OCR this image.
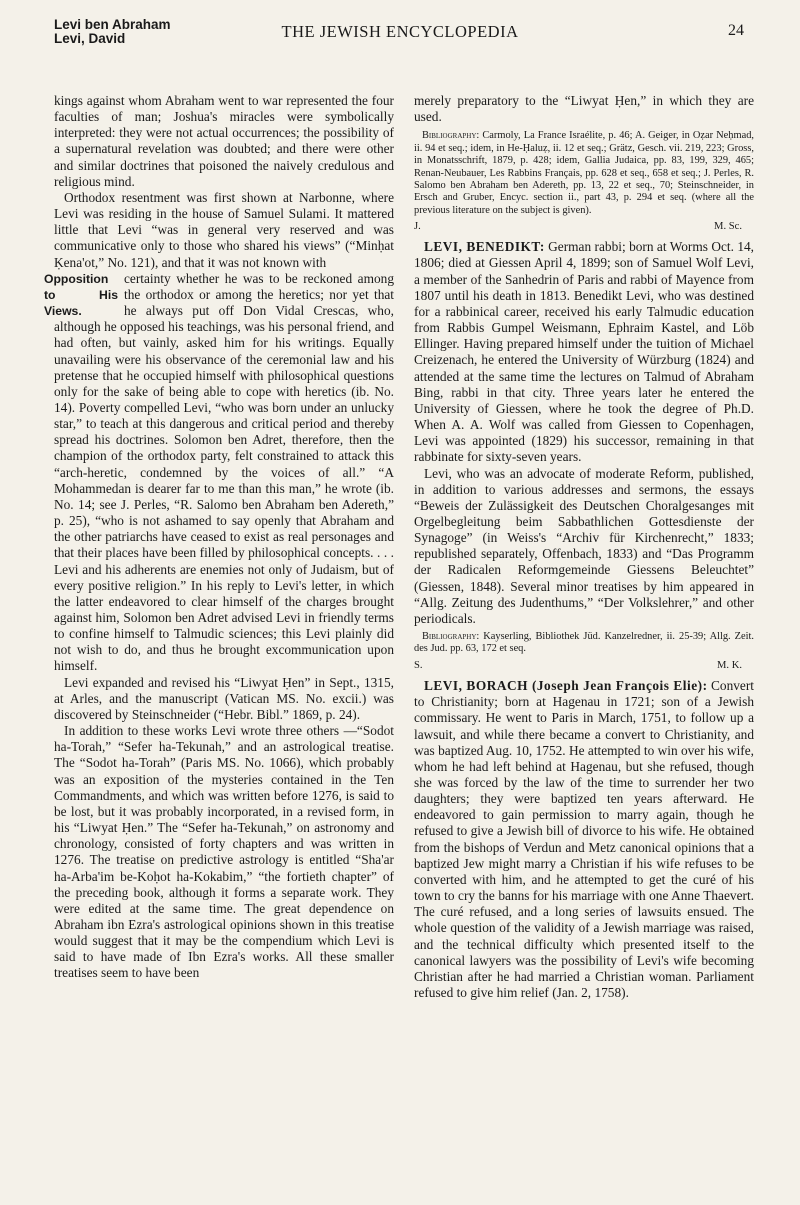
Levi ben Abraham
Levi, David	THE JEWISH ENCYCLOPEDIA	24

kings against whom Abraham went to war represented the four faculties of man; Joshua's miracles were symbolically interpreted: they were not actual occurrences; the possibility of a supernatural revelation was doubted; and there were other and similar doctrines that poisoned the naively credulous and religious mind.

Orthodox resentment was first shown at Narbonne, where Levi was residing in the house of Samuel Sulami. It mattered little that Levi “was in general very reserved and was communicative only to those who shared his views” (“Minḥat Ḳena'ot,” No. 121), and that it was not known with

Opposition to His Views.
certainty whether he was to be reckoned among the orthodox or among the heretics; nor yet that he always put off Don Vidal Crescas, who, although he opposed his teachings, was his personal friend, and had often, but vainly, asked him for his writings. Equally unavailing were his observance of the ceremonial law and his pretense that he occupied himself with philosophical questions only for the sake of being able to cope with heretics (ib. No. 14). Poverty compelled Levi, “who was born under an unlucky star,” to teach at this dangerous and critical period and thereby spread his doctrines. Solomon ben Adret, therefore, then the champion of the orthodox party, felt constrained to attack this “arch-heretic, condemned by the voices of all.” “A Mohammedan is dearer far to me than this man,” he wrote (ib. No. 14; see J. Perles, “R. Salomo ben Abraham ben Adereth,” p. 25), “who is not ashamed to say openly that Abraham and the other patriarchs have ceased to exist as real personages and that their places have been filled by philosophical concepts. . . . Levi and his adherents are enemies not only of Judaism, but of every positive religion.” In his reply to Levi's letter, in which the latter endeavored to clear himself of the charges brought against him, Solomon ben Adret advised Levi in friendly terms to confine himself to Talmudic sciences; this Levi plainly did not wish to do, and thus he brought excommunication upon himself.

Levi expanded and revised his “Liwyat Ḥen” in Sept., 1315, at Arles, and the manuscript (Vatican MS. No. excii.) was discovered by Steinschneider (“Hebr. Bibl.” 1869, p. 24).

In addition to these works Levi wrote three others —“Sodot ha-Torah,” “Sefer ha-Tekunah,” and an astrological treatise. The “Sodot ha-Torah” (Paris MS. No. 1066), which probably was an exposition of the mysteries contained in the Ten Commandments, and which was written before 1276, is said to be lost, but it was probably incorporated, in a revised form, in his “Liwyat Ḥen.” The “Sefer ha-Tekunah,” on astronomy and chronology, consisted of forty chapters and was written in 1276. The treatise on predictive astrology is entitled “Sha'ar ha-Arba'im be-Koḥot ha-Kokabim,” “the fortieth chapter” of the preceding book, although it forms a separate work. They were edited at the same time. The great dependence on Abraham ibn Ezra's astrological opinions shown in this treatise would suggest that it may be the compendium which Levi is said to have made of Ibn Ezra's works. All these smaller treatises seem to have been

merely preparatory to the “Liwyat Ḥen,” in which they are used.

Bibliography: Carmoly, La France Israélite, p. 46; A. Geiger, in Oẓar Neḥmad, ii. 94 et seq.; idem, in He-Ḥaluẓ, ii. 12 et seq.; Grätz, Gesch. vii. 219, 223; Gross, in Monatsschrift, 1879, p. 428; idem, Gallia Judaica, pp. 83, 199, 329, 465; Renan-Neubauer, Les Rabbins Français, pp. 628 et seq., 658 et seq.; J. Perles, R. Salomo ben Abraham ben Adereth, pp. 13, 22 et seq., 70; Steinschneider, in Ersch and Gruber, Encyc. section ii., part 43, p. 294 et seq. (where all the previous literature on the subject is given).

J.	M. Sc.

LEVI, BENEDIKT: German rabbi; born at Worms Oct. 14, 1806; died at Giessen April 4, 1899; son of Samuel Wolf Levi, a member of the Sanhedrin of Paris and rabbi of Mayence from 1807 until his death in 1813. Benedikt Levi, who was destined for a rabbinical career, received his early Talmudic education from Rabbis Gumpel Weismann, Ephraim Kastel, and Löb Ellinger. Having prepared himself under the tuition of Michael Creizenach, he entered the University of Würzburg (1824) and attended at the same time the lectures on Talmud of Abraham Bing, rabbi in that city. Three years later he entered the University of Giessen, where he took the degree of Ph.D. When A. A. Wolf was called from Giessen to Copenhagen, Levi was appointed (1829) his successor, remaining in that rabbinate for sixty-seven years.

Levi, who was an advocate of moderate Reform, published, in addition to various addresses and sermons, the essays “Beweis der Zulässigkeit des Deutschen Choralgesanges mit Orgelbegleitung beim Sabbathlichen Gottesdienste der Synagoge” (in Weiss's “Archiv für Kirchenrecht,” 1833; republished separately, Offenbach, 1833) and “Das Programm der Radicalen Reformgemeinde Giessens Beleuchtet” (Giessen, 1848). Several minor treatises by him appeared in “Allg. Zeitung des Judenthums,” “Der Volkslehrer,” and other periodicals.

Bibliography: Kayserling, Bibliothek Jüd. Kanzelredner, ii. 25-39; Allg. Zeit. des Jud. pp. 63, 172 et seq.

S.	M. K.

LEVI, BORACH (Joseph Jean François Elie): Convert to Christianity; born at Hagenau in 1721; son of a Jewish commissary. He went to Paris in March, 1751, to follow up a lawsuit, and while there became a convert to Christianity, and was baptized Aug. 10, 1752. He attempted to win over his wife, whom he had left behind at Hagenau, but she refused, though she was forced by the law of the time to surrender her two daughters; they were baptized ten years afterward. He endeavored to gain permission to marry again, though he refused to give a Jewish bill of divorce to his wife. He obtained from the bishops of Verdun and Metz canonical opinions that a baptized Jew might marry a Christian if his wife refuses to be converted with him, and he attempted to get the curé of his town to cry the banns for his marriage with one Anne Thaevert. The curé refused, and a long series of lawsuits ensued. The whole question of the validity of a Jewish marriage was raised, and the technical difficulty which presented itself to the canonical lawyers was the possibility of Levi's wife becoming Christian after he had married a Christian woman. Parliament refused to give him relief (Jan. 2, 1758).
